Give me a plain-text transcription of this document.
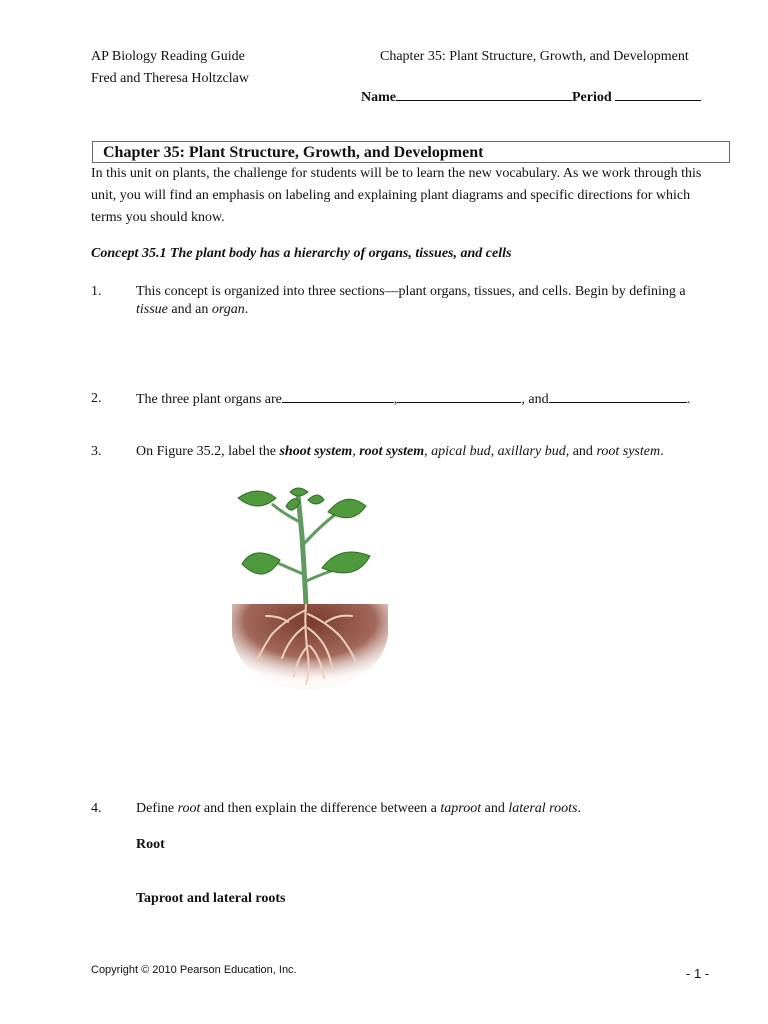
AP Biology Reading Guide
Fred and Theresa Holtzclaw
Chapter 35: Plant Structure, Growth, and Development
Name	Period
Chapter 35: Plant Structure, Growth, and Development
In this unit on plants, the challenge for students will be to learn the new vocabulary. As we work through this unit, you will find an emphasis on labeling and explaining plant diagrams and specific directions for which terms you should know.
Concept 35.1 The plant body has a hierarchy of organs, tissues, and cells
1. This concept is organized into three sections—plant organs, tissues, and cells. Begin by defining a tissue and an organ.
2. The three plant organs are	,	, and	.
3. On Figure 35.2, label the shoot system, root system, apical bud, axillary bud, and root system.
4. Define root and then explain the difference between a taproot and lateral roots.
Root
Taproot and lateral roots
Copyright © 2010 Pearson Education, Inc.	- 1 -
